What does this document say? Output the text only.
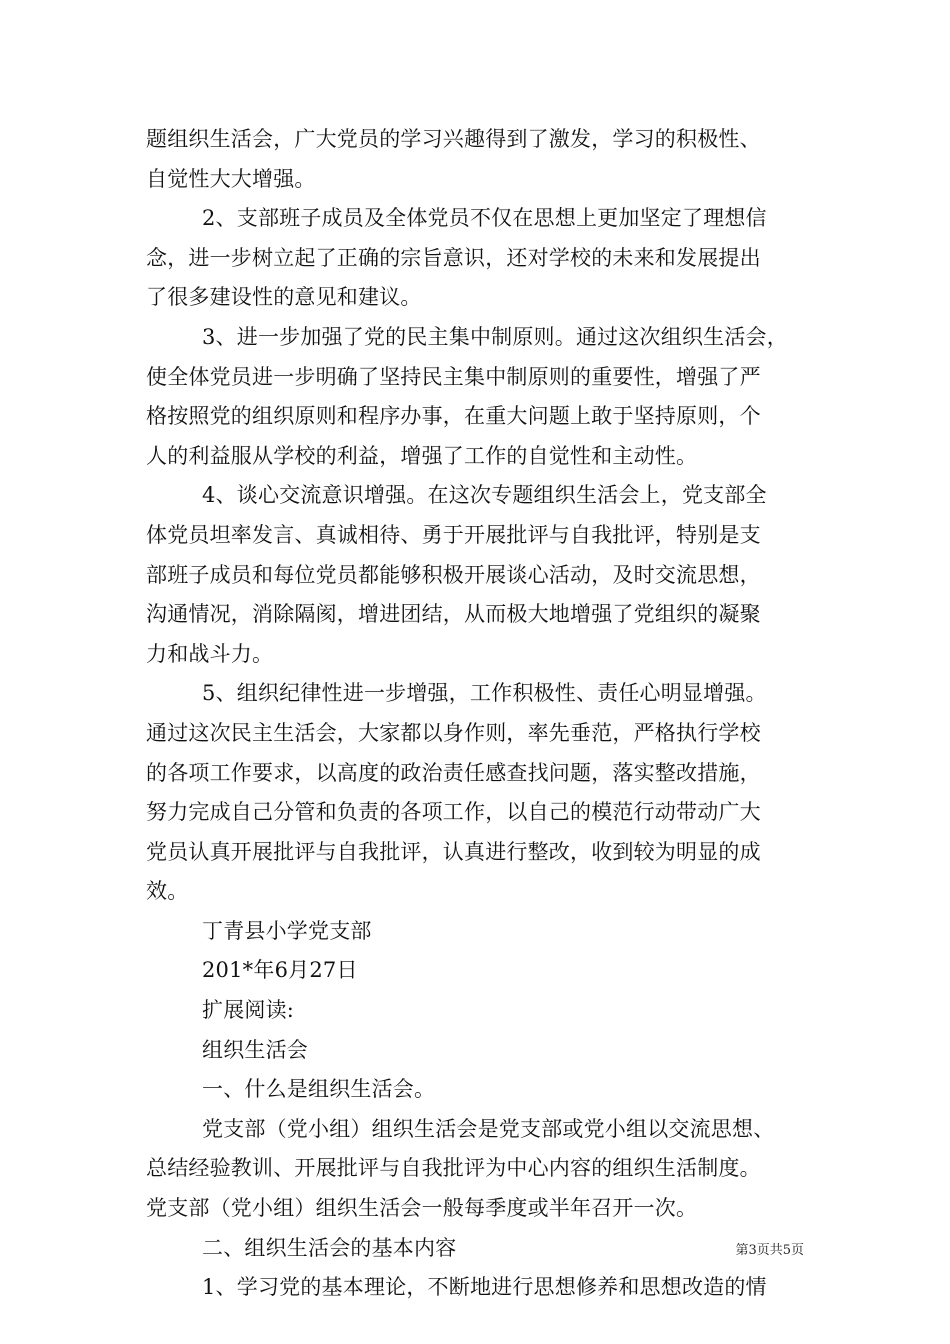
题组织生活会，广大党员的学习兴趣得到了激发，学习的积极性、
自觉性大大增强。
2、支部班子成员及全体党员不仅在思想上更加坚定了理想信
念，进一步树立起了正确的宗旨意识，还对学校的未来和发展提出
了很多建设性的意见和建议。
3、进一步加强了党的民主集中制原则。通过这次组织生活会，
使全体党员进一步明确了坚持民主集中制原则的重要性，增强了严
格按照党的组织原则和程序办事，在重大问题上敢于坚持原则，个
人的利益服从学校的利益，增强了工作的自觉性和主动性。
4、谈心交流意识增强。在这次专题组织生活会上，党支部全
体党员坦率发言、真诚相待、勇于开展批评与自我批评，特别是支
部班子成员和每位党员都能够积极开展谈心活动，及时交流思想，
沟通情况，消除隔阂，增进团结，从而极大地增强了党组织的凝聚
力和战斗力。
5、组织纪律性进一步增强，工作积极性、责任心明显增强。
通过这次民主生活会，大家都以身作则，率先垂范，严格执行学校
的各项工作要求，以高度的政治责任感查找问题，落实整改措施，
努力完成自己分管和负责的各项工作，以自己的模范行动带动广大
党员认真开展批评与自我批评，认真进行整改，收到较为明显的成
效。
丁青县小学党支部
201*年6月27日
扩展阅读:
组织生活会
一、什么是组织生活会。
党支部（党小组）组织生活会是党支部或党小组以交流思想、
总结经验教训、开展批评与自我批评为中心内容的组织生活制度。
党支部（党小组）组织生活会一般每季度或半年召开一次。
二、组织生活会的基本内容
1、学习党的基本理论，不断地进行思想修养和思想改造的情
第3页共5页
